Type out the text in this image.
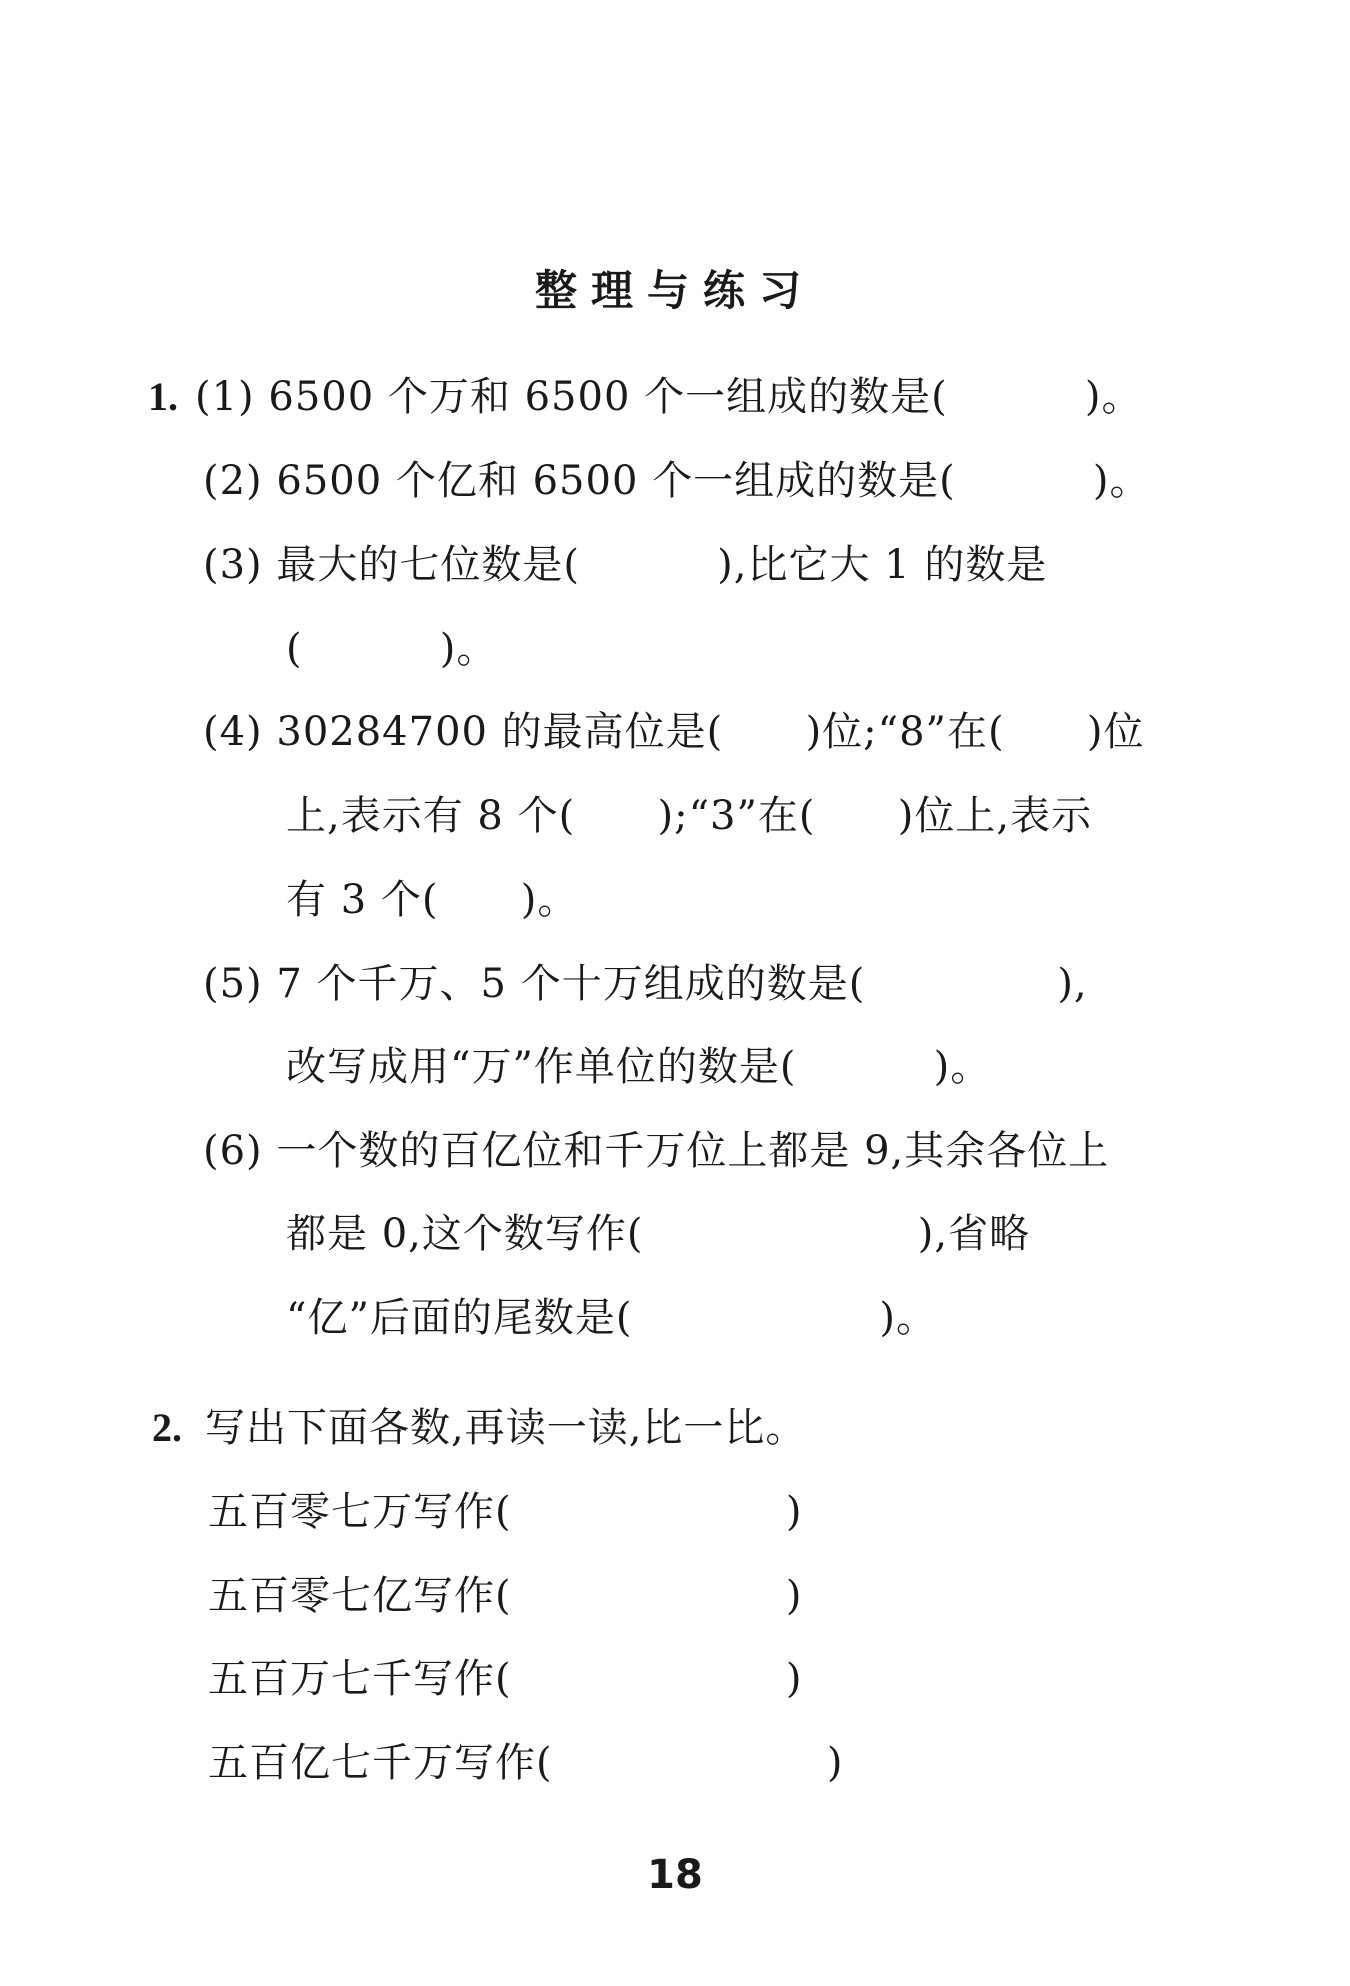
整理与练习
1. (1) 6500 个万和 6500 个一组成的数是(          )。
(2) 6500 个亿和 6500 个一组成的数是(          )。
(3) 最大的七位数是(          ),比它大 1 的数是
(          )。
(4) 30284700 的最高位是(      )位;“8”在(      )位
上,表示有 8 个(      );“3”在(      )位上,表示
有 3 个(      )。
(5) 7 个千万、5 个十万组成的数是(              ),
改写成用“万”作单位的数是(          )。
(6) 一个数的百亿位和千万位上都是 9,其余各位上
都是 0,这个数写作(                    ),省略
“亿”后面的尾数是(                  )。
2. 写出下面各数,再读一读,比一比。
五百零七万写作(                    )
五百零七亿写作(                    )
五百万七千写作(                    )
五百亿七千万写作(                    )
18
